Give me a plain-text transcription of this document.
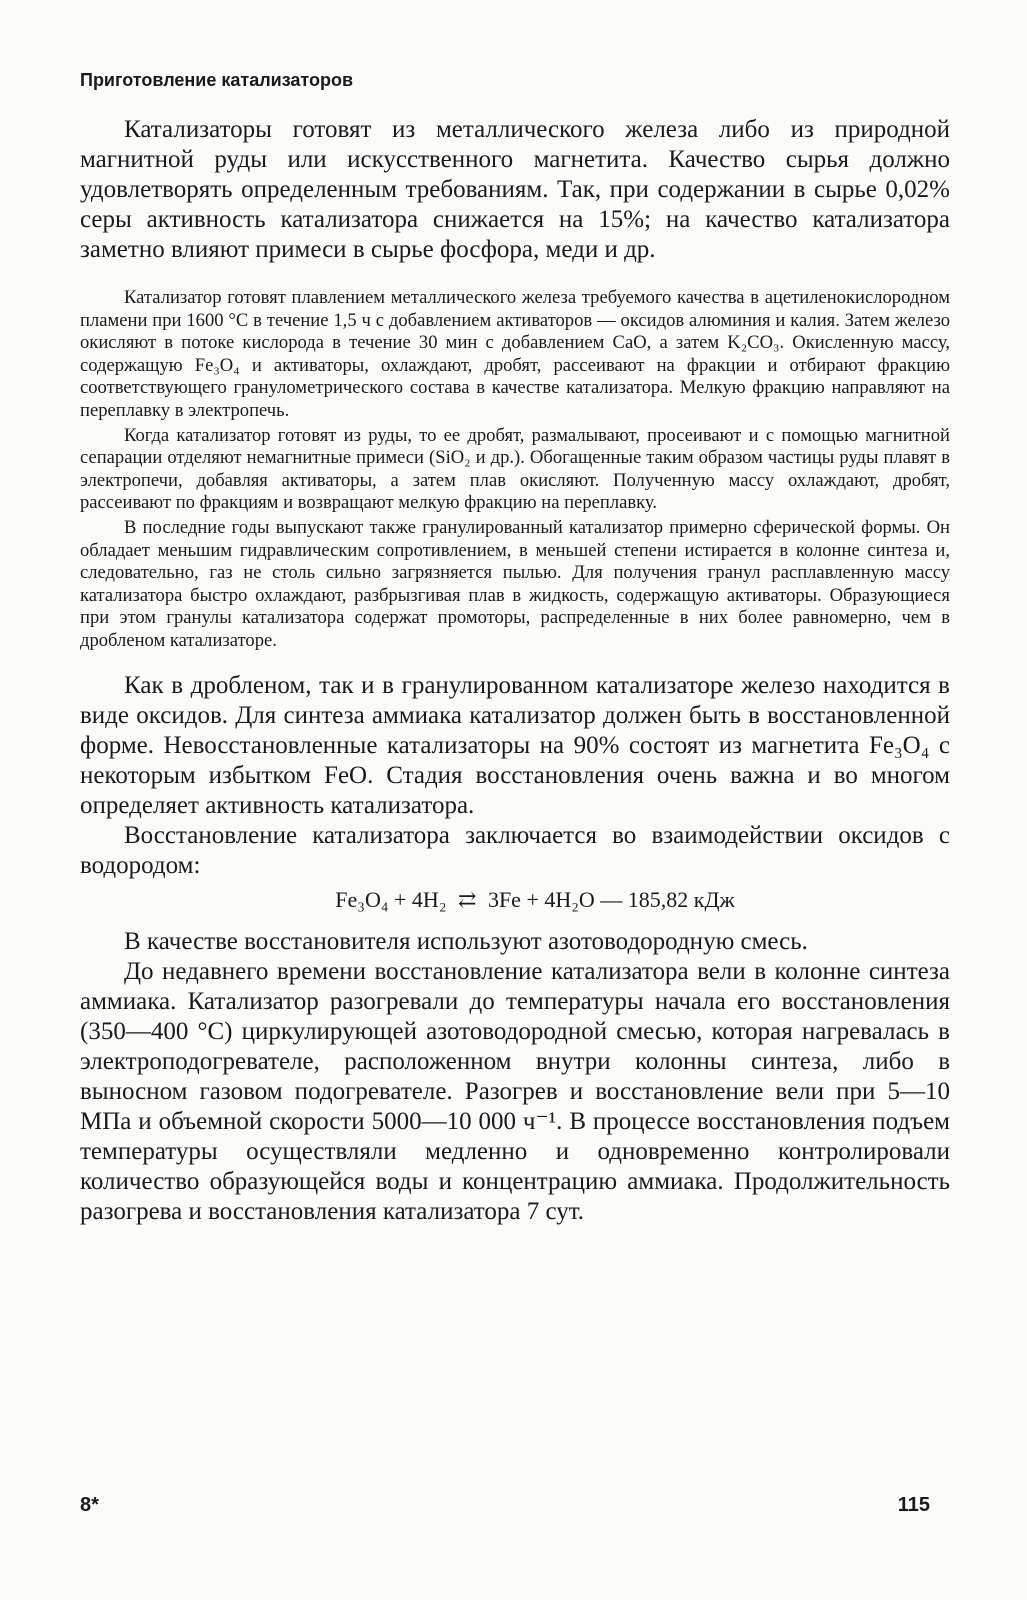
Приготовление катализаторов

Катализаторы готовят из металлического железа либо из природной магнитной руды или искусственного магнетита. Качество сырья должно удовлетворять определенным требованиям. Так, при содержании в сырье 0,02% серы активность катализатора снижается на 15%; на качество катализатора заметно влияют примеси в сырье фосфора, меди и др.

Катализатор готовят плавлением металлического железа требуемого качества в ацетиленокислородном пламени при 1600 °С в течение 1,5 ч с добавлением активаторов — оксидов алюминия и калия. Затем железо окисляют в потоке кислорода в течение 30 мин с добавлением CaO, а затем K₂CO₃. Окисленную массу, содержащую Fe₃O₄ и активаторы, охлаждают, дробят, рассеивают на фракции и отбирают фракцию соответствующего гранулометрического состава в качестве катализатора. Мелкую фракцию направляют на переплавку в электропечь.

Когда катализатор готовят из руды, то ее дробят, размалывают, просеивают и с помощью магнитной сепарации отделяют немагнитные примеси (SiO₂ и др.). Обогащенные таким образом частицы руды плавят в электропечи, добавляя активаторы, а затем плав окисляют. Полученную массу охлаждают, дробят, рассеивают по фракциям и возвращают мелкую фракцию на переплавку.

В последние годы выпускают также гранулированный катализатор примерно сферической формы. Он обладает меньшим гидравлическим сопротивлением, в меньшей степени истирается в колонне синтеза и, следовательно, газ не столь сильно загрязняется пылью. Для получения гранул расплавленную массу катализатора быстро охлаждают, разбрызгивая плав в жидкость, содержащую активаторы. Образующиеся при этом гранулы катализатора содержат промоторы, распределенные в них более равномерно, чем в дробленом катализаторе.

Как в дробленом, так и в гранулированном катализаторе железо находится в виде оксидов. Для синтеза аммиака катализатор должен быть в восстановленной форме. Невосстановленные катализаторы на 90% состоят из магнетита Fe₃O₄ с некоторым избытком FeO. Стадия восстановления очень важна и во многом определяет активность катализатора.

Восстановление катализатора заключается во взаимодействии оксидов с водородом:

Fe₃O₄ + 4H₂ ⇄ 3Fe + 4H₂O — 185,82 кДж

В качестве восстановителя используют азотоводородную смесь.

До недавнего времени восстановление катализатора вели в колонне синтеза аммиака. Катализатор разогревали до температуры начала его восстановления (350—400 °С) циркулирующей азотоводородной смесью, которая нагревалась в электроподогревателе, расположенном внутри колонны синтеза, либо в выносном газовом подогревателе. Разогрев и восстановление вели при 5—10 МПа и объемной скорости 5000—10 000 ч⁻¹. В процессе восстановления подъем температуры осуществляли медленно и одновременно контролировали количество образующейся воды и концентрацию аммиака. Продолжительность разогрева и восстановления катализатора 7 сут.

8*	115
